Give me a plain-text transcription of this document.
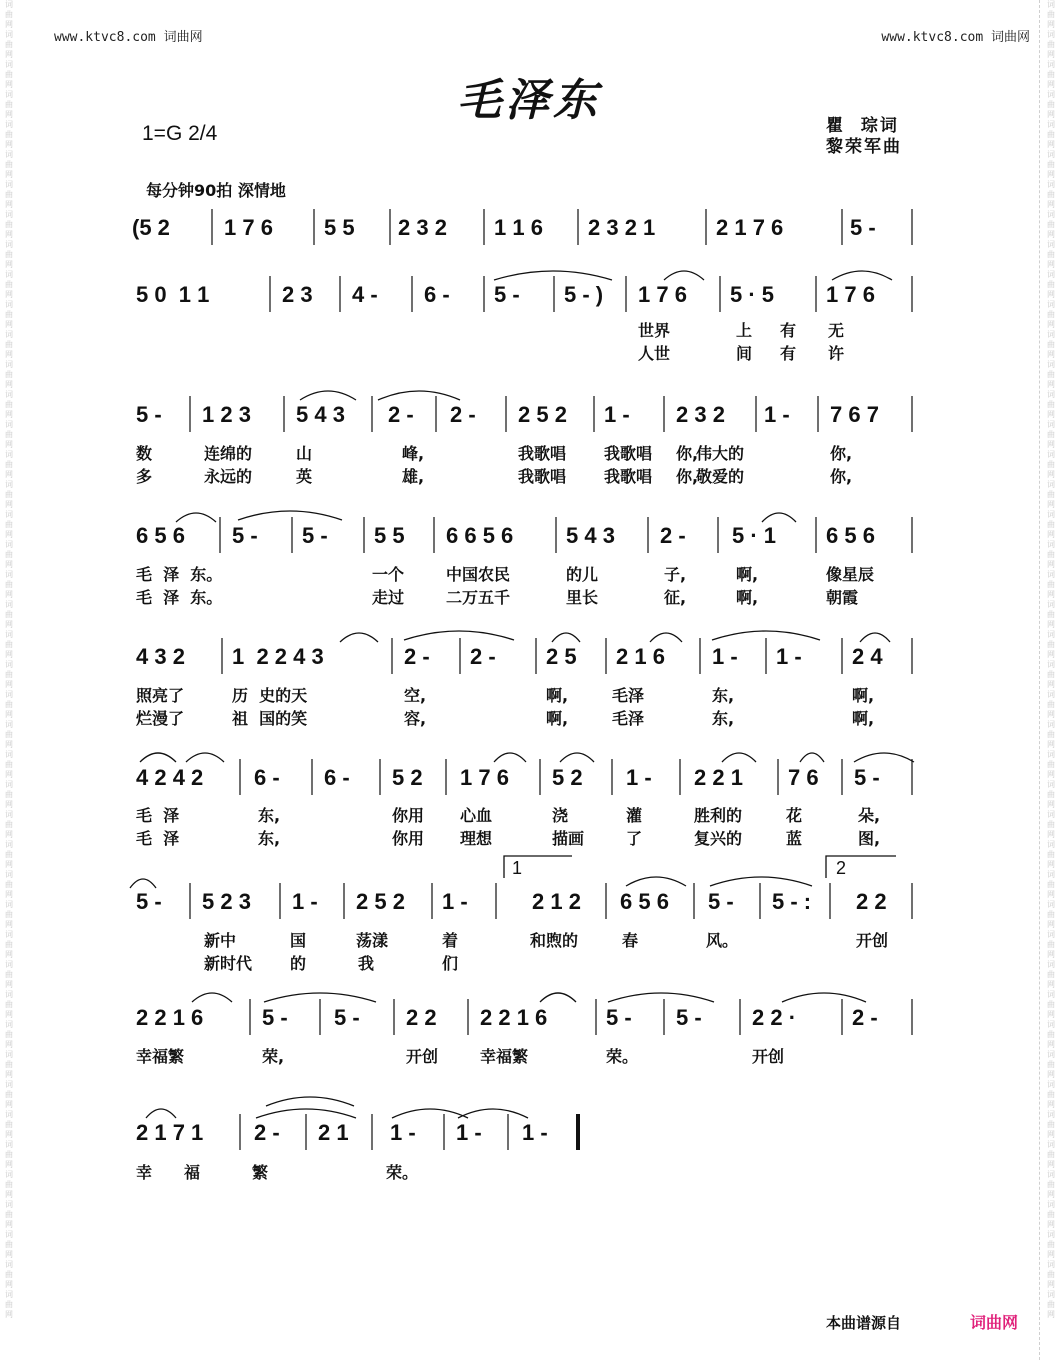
词曲网词曲网词曲网词曲网词曲网词曲网词曲网词曲网词曲网词曲网词曲网词曲网词曲网词曲网词曲网词曲网词曲网词曲网词曲网词曲网词曲网词曲网词曲网词曲网词曲网词曲网词曲网词曲网词曲网词曲网词曲网词曲网词曲网词曲网词曲网词曲网词曲网词曲网词曲网词曲网词曲网词曲网词曲网词曲网
词曲网词曲网词曲网词曲网词曲网词曲网词曲网词曲网词曲网词曲网词曲网词曲网词曲网词曲网词曲网词曲网词曲网词曲网词曲网词曲网词曲网词曲网词曲网词曲网词曲网词曲网词曲网词曲网词曲网词曲网词曲网词曲网词曲网词曲网词曲网词曲网词曲网词曲网词曲网词曲网词曲网词曲网词曲网词曲网
www.ktvc8.com 词曲网	www.ktvc8.com 词曲网
毛泽东
1=G 2/4	瞿  琮词
黎荣军曲
每分钟90拍 深情地
(5 2 1 7 6 5 5 2 3 2 1 1 6 2 3 2 1	2 1 7 6	5 -
5 0  1 1	2 3 4 - 6 - 5 - 5 - ) 1 7 6 5 · 5 1 7 6
世界	上 有 无
人世	间 有 许
5 - 1 2 3 5 4 3 2 - 2 - 2 5 2 1 - 2 3 2 1 - 7 6 7
数	连绵的	山	峰,	我歌唱	你,
我歌唱	你,
伟大的
多	永远的	英	雄,	我歌唱	你,
我歌唱	你,
敬爱的
6 5 6 5 - 5 - 5 5 6 6 5 6 5 4 3 2 - 5 · 1 6 5 6
毛  泽  东。	一个	中国农民	的儿	子,	啊,	像星辰
毛  泽  东。	走过	二万五千	里长	征,	啊,	朝霞
4 3 2 1  2 2 4 3	2 - 2 - 2 5 2 1 6 1 - 1 - 2 4
照亮了	历  史的天	空,	啊,	毛泽	东,	啊,
烂漫了	祖  国的笑	容,	啊,	毛泽	东,	啊,
4 2 4 2 6 - 6 - 5 2 1 7 6 5 2 1 - 2 2 1 7 6 5 -
毛  泽	东,	你用 心血	浇	灌	胜利的	花	朵,
毛  泽	东,	你用 理想	描画	了	复兴的	蓝	图,
5 - 5 2 3 1 - 2 5 2 1 -	2 1 2 6 5 6 5 - 5 - : 2 2
新中	国	荡漾	着	和煦的	春	风。	开创
新时代 的	我	们
2 2 1 6	5 - 5 - 2 2 2 2 1 6	5 - 5 - 2 2 ·	2 -
幸福繁	荣,	开创	幸福繁	荣。	开创
2 1 7 1 2 - 2 1 1 - 1 - 1 -
幸 福	繁	荣。
1	2
本曲谱源自	词曲网
